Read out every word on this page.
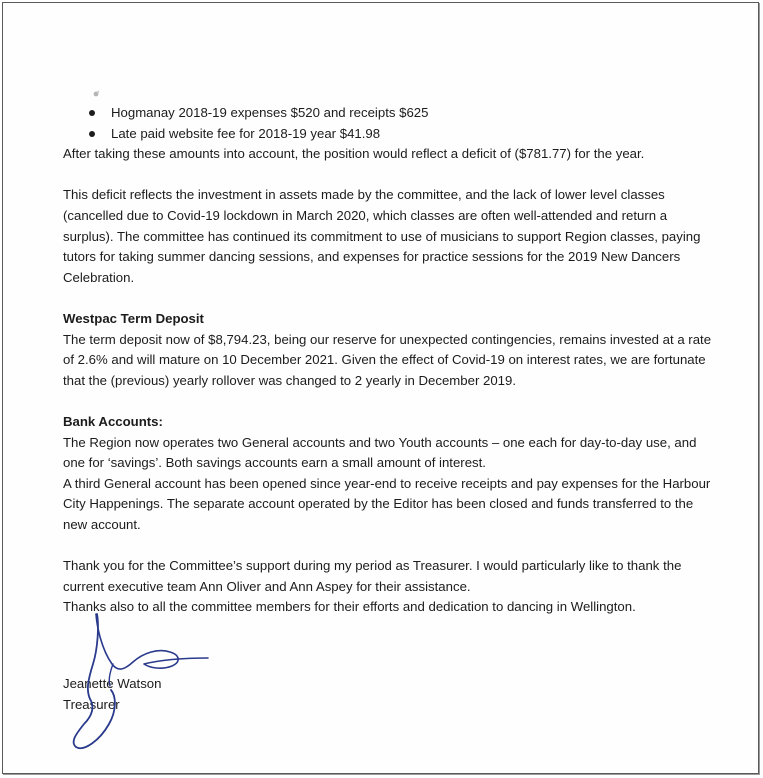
Hogmanay 2018-19 expenses $520 and receipts $625
Late paid website fee for 2018-19 year $41.98

After taking these amounts into account, the position would reflect a deficit of ($781.77) for the year.

This deficit reflects the investment in assets made by the committee, and the lack of lower level classes (cancelled due to Covid-19 lockdown in March 2020, which classes are often well-attended and return a surplus). The committee has continued its commitment to use of musicians to support Region classes, paying tutors for taking summer dancing sessions, and expenses for practice sessions for the 2019 New Dancers Celebration.

Westpac Term Deposit

The term deposit now of $8,794.23, being our reserve for unexpected contingencies, remains invested at a rate of 2.6% and will mature on 10 December 2021. Given the effect of Covid-19 on interest rates, we are fortunate that the (previous) yearly rollover was changed to 2 yearly in December 2019.

Bank Accounts:

The Region now operates two General accounts and two Youth accounts – one each for day-to-day use, and one for ‘savings’. Both savings accounts earn a small amount of interest.

A third General account has been opened since year-end to receive receipts and pay expenses for the Harbour City Happenings. The separate account operated by the Editor has been closed and funds transferred to the new account.

Thank you for the Committee’s support during my period as Treasurer. I would particularly like to thank the current executive team Ann Oliver and Ann Aspey for their assistance.

Thanks also to all the committee members for their efforts and dedication to dancing in Wellington.

Jeanette Watson

Treasurer
